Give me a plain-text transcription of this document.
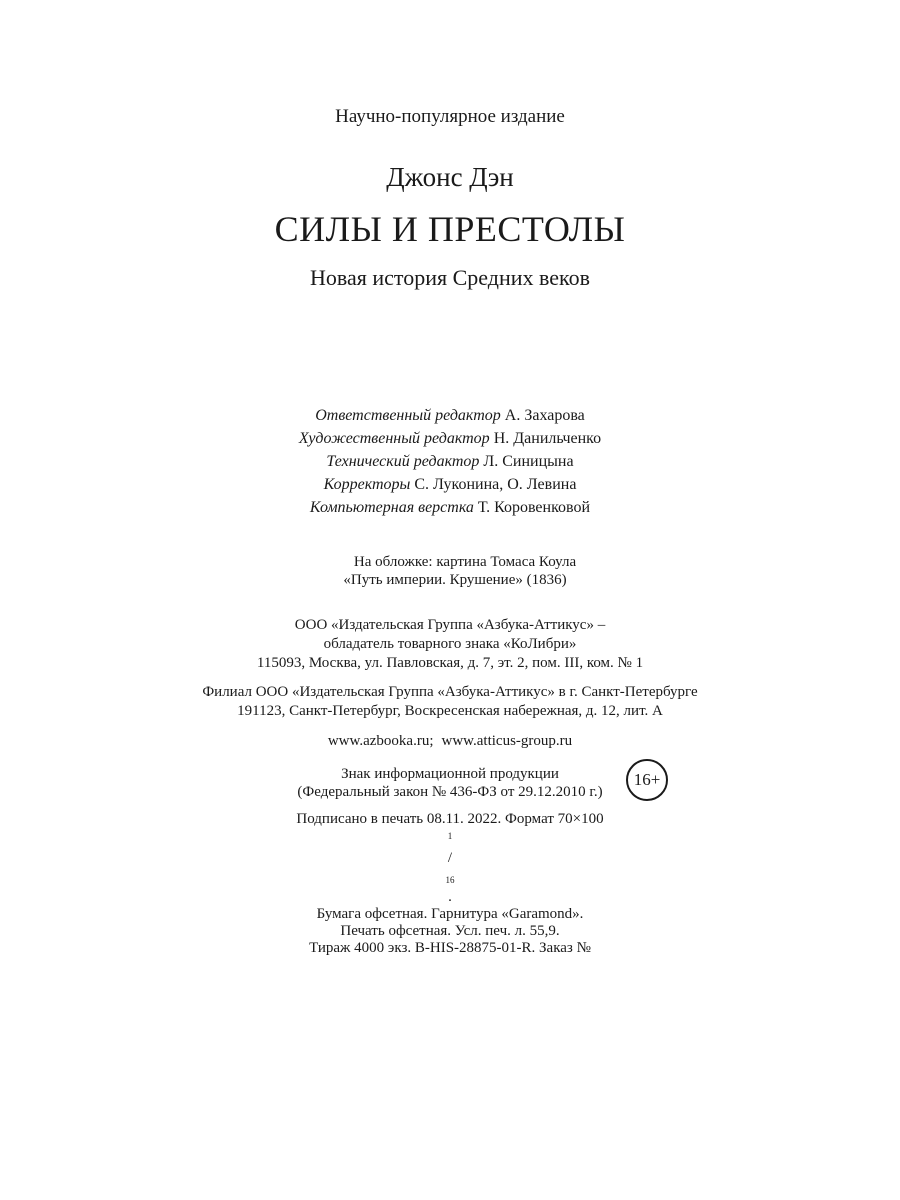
Научно-популярное издание
Джонс Дэн
СИЛЫ И ПРЕСТОЛЫ
Новая история Средних веков
Ответственный редактор А. Захарова
Художественный редактор Н. Данильченко
Технический редактор Л. Синицына
Корректоры С. Луконина, О. Левина
Компьютерная верстка Т. Коровенковой
На обложке: картина Томаса Коула
«Путь империи. Крушение» (1836)
ООО «Издательская Группа «Азбука-Аттикус» –
обладатель товарного знака «КоЛибри»
115093, Москва, ул. Павловская, д. 7, эт. 2, пом. III, ком. № 1
Филиал ООО «Издательская Группа «Азбука-Аттикус» в г. Санкт-Петербурге
191123, Санкт-Петербург, Воскресенская набережная, д. 12, лит. А
www.azbooka.ru; www.atticus-group.ru
Знак информационной продукции
(Федеральный закон № 436-ФЗ от 29.12.2010 г.)
16+
Подписано в печать 08.11. 2022. Формат 70×100
$^1$
/
$_{16}$
.
Бумага офсетная. Гарнитура «Garamond».
Печать офсетная. Усл. печ. л. 55,9.
Тираж 4000 экз. B-HIS-28875-01-R. Заказ №
